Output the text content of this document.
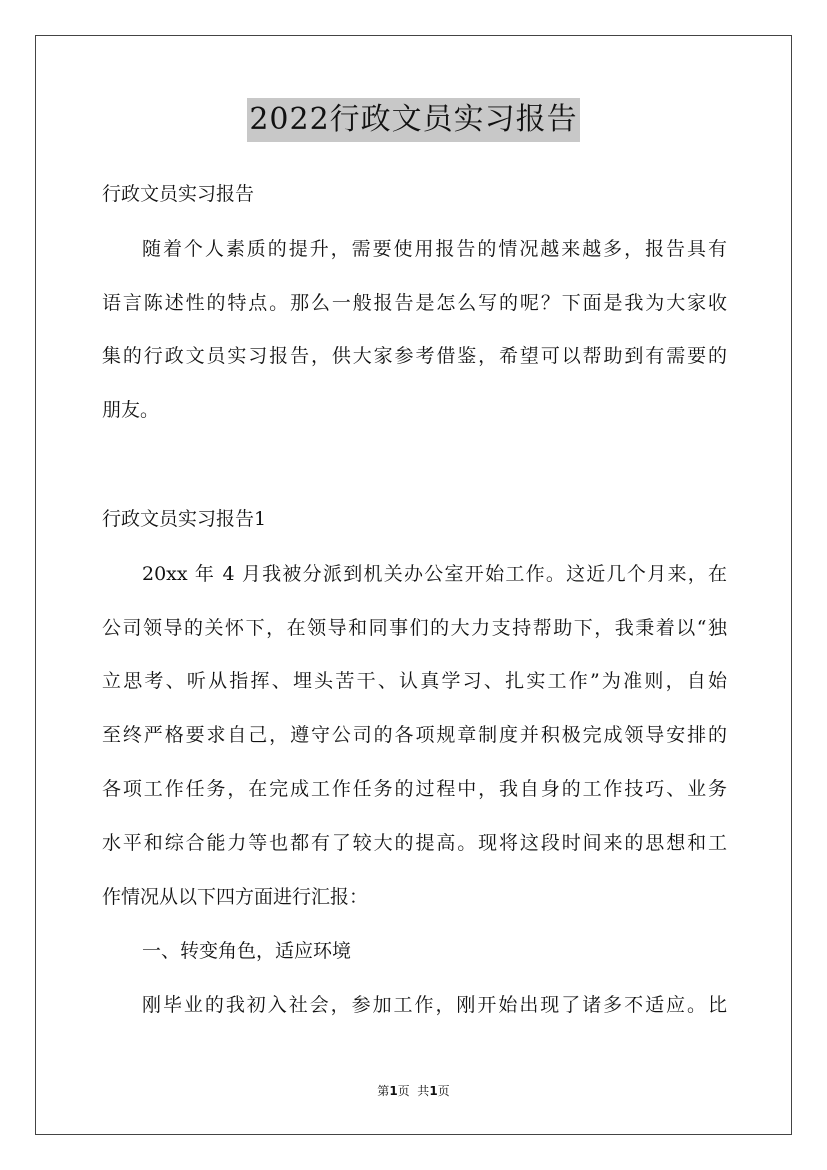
2022行政文员实习报告
行政文员实习报告
随着个人素质的提升，需要使用报告的情况越来越多，报告具有
语言陈述性的特点。那么一般报告是怎么写的呢？下面是我为大家收
集的行政文员实习报告，供大家参考借鉴，希望可以帮助到有需要的
朋友。
行政文员实习报告1
20xx 年 4 月我被分派到机关办公室开始工作。这近几个月来，在
公司领导的关怀下，在领导和同事们的大力支持帮助下，我秉着以“独
立思考、听从指挥、埋头苦干、认真学习、扎实工作”为准则，自始
至终严格要求自己，遵守公司的各项规章制度并积极完成领导安排的
各项工作任务，在完成工作任务的过程中，我自身的工作技巧、业务
水平和综合能力等也都有了较大的提高。现将这段时间来的思想和工
作情况从以下四方面进行汇报：
一、转变角色，适应环境
刚毕业的我初入社会，参加工作，刚开始出现了诸多不适应。比
第1页  共1页
